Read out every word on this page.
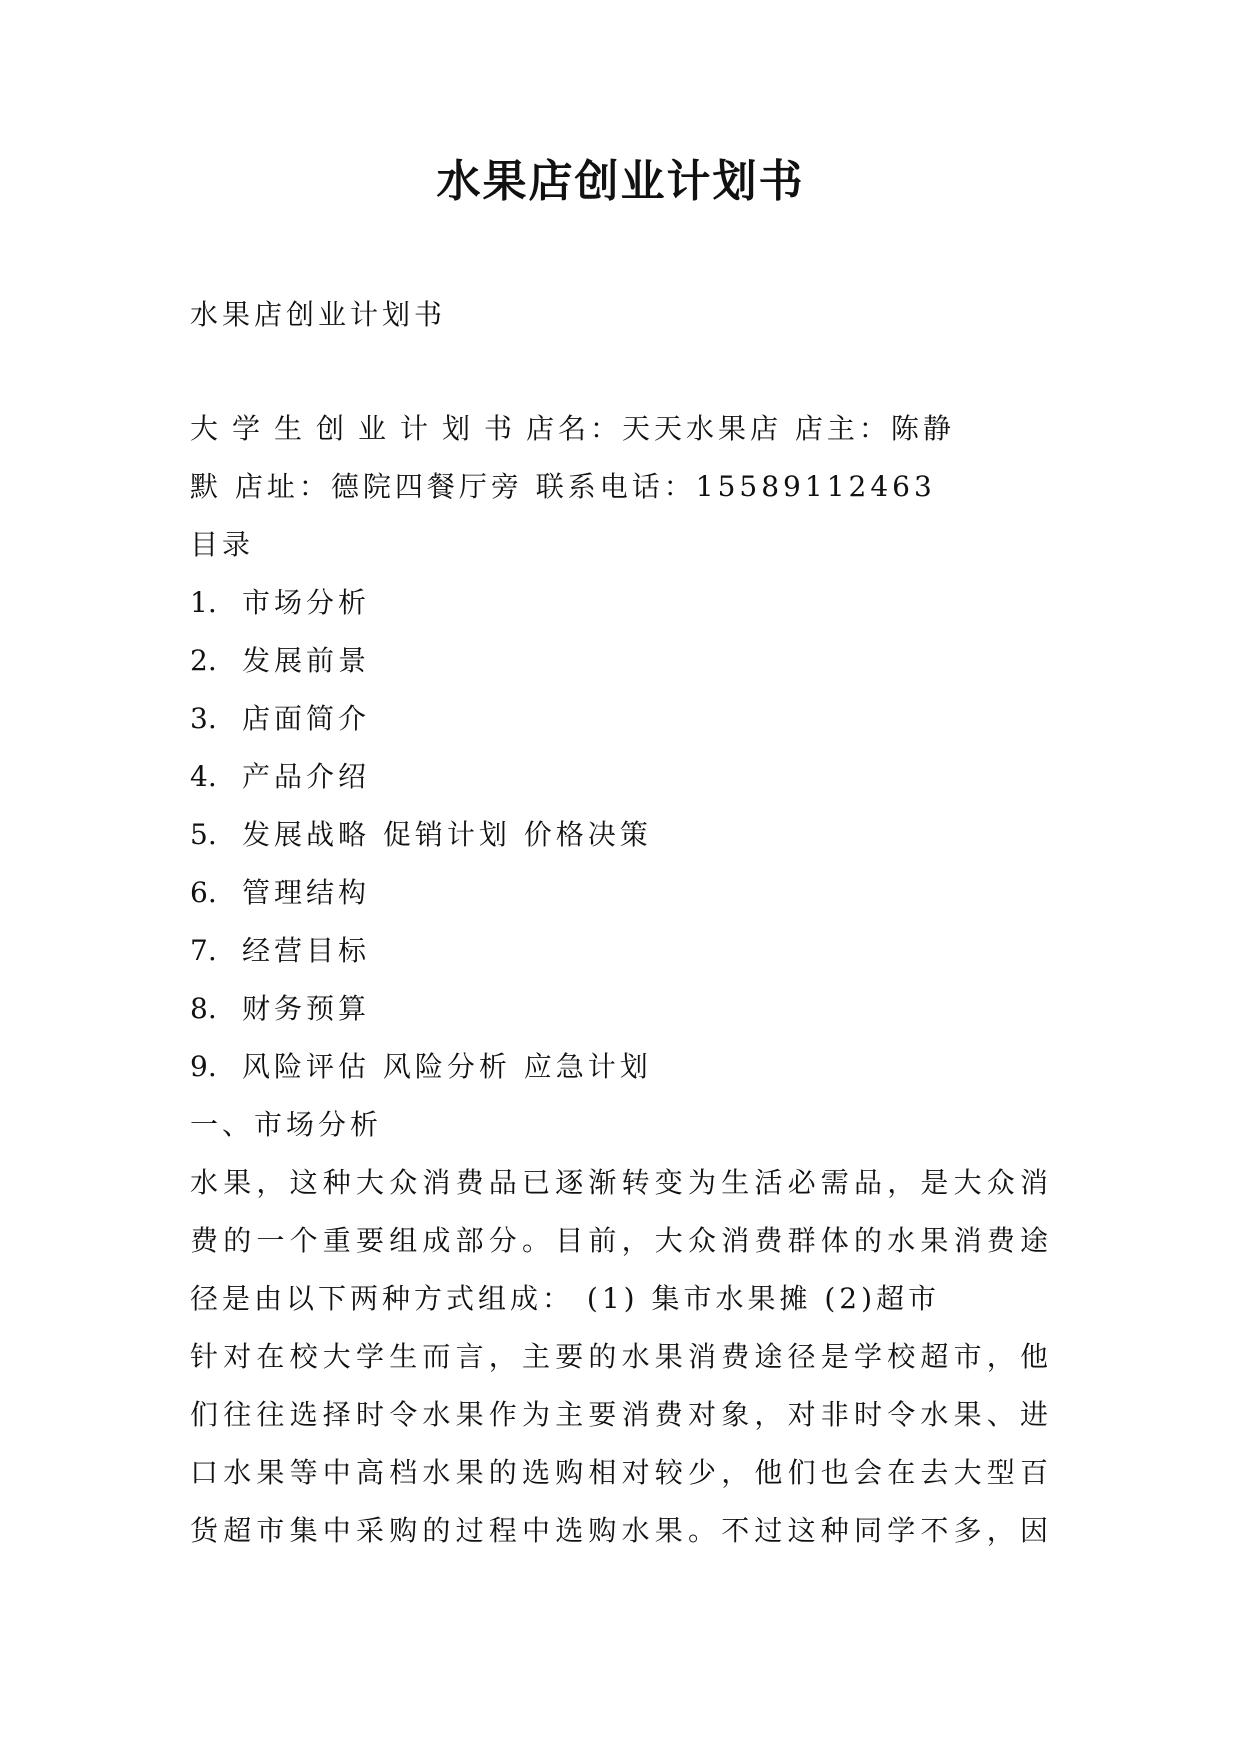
水果店创业计划书
水果店创业计划书
大学生创业计划书店名：天天水果店 店主：陈静
默 店址：德院四餐厅旁 联系电话：15589112463
目录
1. 市场分析
2. 发展前景
3. 店面简介
4. 产品介绍
5. 发展战略 促销计划 价格决策
6. 管理结构
7. 经营目标
8. 财务预算
9. 风险评估 风险分析 应急计划
一、市场分析
水果，这种大众消费品已逐渐转变为生活必需品，是大众消
费的一个重要组成部分。目前，大众消费群体的水果消费途
径是由以下两种方式组成： (1) 集市水果摊 (2)超市
针对在校大学生而言，主要的水果消费途径是学校超市，他
们往往选择时令水果作为主要消费对象，对非时令水果、进
口水果等中高档水果的选购相对较少，他们也会在去大型百
货超市集中采购的过程中选购水果。不过这种同学不多，因
